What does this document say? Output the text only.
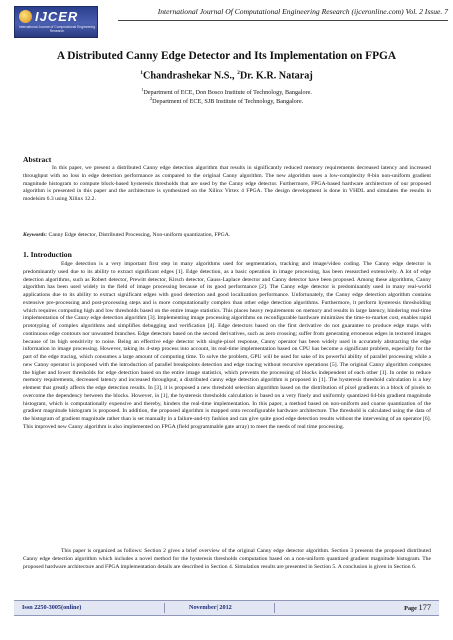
IJCER
International Journal of Computational Engineering Research
International Journal Of Computational Engineering Research (ijceronline.com) Vol. 2 Issue. 7
A Distributed Canny Edge Detector and Its Implementation on FPGA
$^1$Chandrashekar N.S., $^2$Dr. K.R. Nataraj
$^1$Department of ECE, Don Bosco Institute of Technology, Bangalore.
$^2$Department of ECE, SJB Institute of Technology, Bangalore.
Abstract

In this paper, we present a distributed Canny edge detection algorithm that results in significantly reduced memory requirements decreased latency and increased throughput with no loss in edge detection performance as compared to the original Canny algorithm. The new algorithm uses a low-complexity 8-bin non-uniform gradient magnitude histogram to compute block-based hysteresis thresholds that are used by the Canny edge detector. Furthermore, FPGA-based hardware architecture of our proposed algorithm is presented in this paper and the architecture is synthesized on the Xilinx Virtex 4 FPGA. The design development is done in VHDL and simulates the results in modelsim 6.3 using Xilinx 12.2.

Keywords: Canny Edge detector, Distributed Processing, Non-uniform quantization, FPGA.
1. Introduction

Edge detection is a very important first step in many algorithms used for segmentation, tracking and image/video coding. The Canny edge detector is predominantly used due to its ability to extract significant edges [1]. Edge detection, as a basic operation in image processing, has been researched extensively. A lot of edge detection algorithms, such as Robert detector, Prewitt detector, Kirsch detector, Gauss-Laplace detector and Canny detector have been proposed. Among these algorithms, Canny algorithm has been used widely in the field of image processing because of its good performance [2]. The Canny edge detector is predominantly used in many real-world applications due to its ability to extract significant edges with good detection and good localization performance. Unfortunately, the Canny edge detection algorithm contains extensive pre-processing and post-processing steps and is more computationally complex than other edge detection algorithms. Furthermore, it perform hysteresis thresholding which requires computing high and low thresholds based on the entire image statistics. This places heavy requirements on memory and results in large latency, hindering real-time implementation of the Canny edge detection algorithm [3]. Implementing image processing algorithms on reconfigurable hardware minimizes the time-to-market cost, enables rapid prototyping of complex algorithms and simplifies debugging and verification [4]. Edge detectors based on the first derivative do not guarantee to produce edge maps with continuous edge contours nor unwanted branches. Edge detectors based on the second derivatives, such as zero crossing; suffer from generating erroneous edges in textured images because of its high sensitivity to noise. Being an effective edge detector with single-pixel response, Canny operator has been widely used in accurately abstracting the edge information in image processing. However, taking its 4-step process into account, its real-time implementation based on CPU has become a significant problem, especially for the part of the edge tracing, which consumes a large amount of computing time. To solve the problem, GPU will be used for sake of its powerful ability of parallel processing while a new Canny operator is proposed with the introduction of parallel breakpoints detection and edge tracing without recursive operations [5]. The original Canny algorithm computes the higher and lower thresholds for edge detection based on the entire image statistics, which prevents the processing of blocks independent of each other [1]. In order to reduce memory requirements, decreased latency and increased throughput, a distributed canny edge detection algorithm is proposed in [1]. The hysteresis threshold calculation is a key element that greatly affects the edge detection results. In [3], it is proposed a new threshold selection algorithm based on the distribution of pixel gradients in a block of pixels to overcome the dependency between the blocks. However, in [1], the hysteresis thresholds calculation is based on a very finely and uniformly quantized 64-bin gradient magnitude histogram, which is computationally expensive and thereby, hinders the real-time implementation. In this paper, a method based on non-uniform and coarse quantization of the gradient magnitude histogram is proposed. In addition, the proposed algorithm is mapped onto reconfigurable hardware architecture. The threshold is calculated using the data of the histogram of gradient magnitude rather than is set manually in a failure-and-try fashion and can give quite good edge detection results without the intervening of an operator [6]. This improved new Canny algorithm is also implemented on FPGA (field programmable gate array) to meet the needs of real time processing.

This paper is organized as follows: Section 2 gives a brief overview of the original Canny edge detector algorithm. Section 3 presents the proposed distributed Canny edge detection algorithm which includes a novel method for the hysteresis thresholds computation based on a non-uniform quantized gradient magnitude histogram. The proposed hardware architecture and FPGA implementation details are described in Section 4. Simulation results are presented in Section 5. A conclusion is given in Section 6.

Issn 2250-3005(online)	November| 2012	Page 177
